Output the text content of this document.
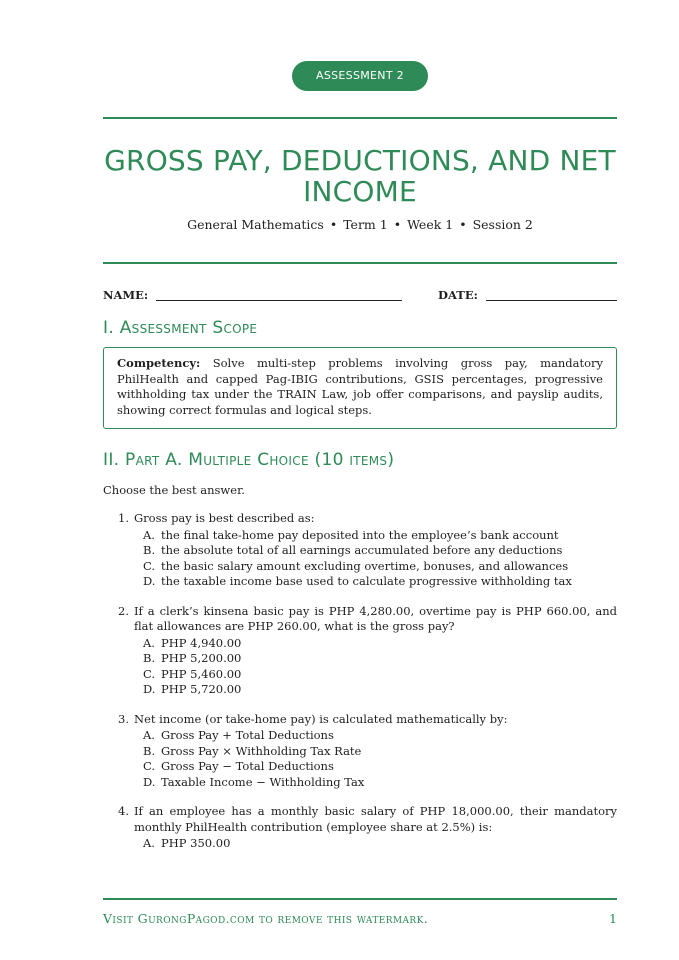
ASSESSMENT 2
GROSS PAY, DEDUCTIONS, AND NET
INCOME
General Mathematics • Term 1 • Week 1 • Session 2
NAME:	DATE:
I. Assessment Scope
Competency: Solve multi-step problems involving gross pay, mandatory PhilHealth and capped Pag-IBIG contributions, GSIS percentages, progressive withholding tax under the TRAIN Law, job offer comparisons, and payslip audits, showing correct formulas and logical steps.
II. Part A. Multiple Choice (10 items)
Choose the best answer.
1. Gross pay is best described as:
A. the final take-home pay deposited into the employee’s bank account
B. the absolute total of all earnings accumulated before any deductions
C. the basic salary amount excluding overtime, bonuses, and allowances
D. the taxable income base used to calculate progressive withholding tax
2. If a clerk’s kinsena basic pay is PHP 4,280.00, overtime pay is PHP 660.00, and flat allowances are PHP 260.00, what is the gross pay?
A. PHP 4,940.00
B. PHP 5,200.00
C. PHP 5,460.00
D. PHP 5,720.00
3. Net income (or take-home pay) is calculated mathematically by:
A. Gross Pay + Total Deductions
B. Gross Pay × Withholding Tax Rate
C. Gross Pay − Total Deductions
D. Taxable Income − Withholding Tax
4. If an employee has a monthly basic salary of PHP 18,000.00, their mandatory monthly PhilHealth contribution (employee share at 2.5%) is:
A. PHP 350.00
Visit GurongPagod.com to remove this watermark.	1
